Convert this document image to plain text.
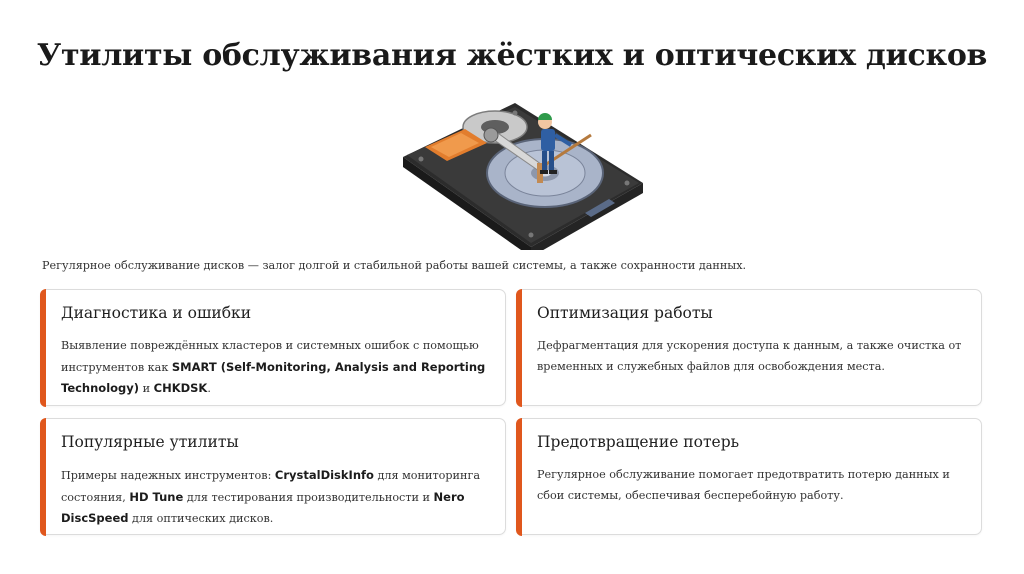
Утилиты обслуживания жёстких и оптических дисков

Регулярное обслуживание дисков — залог долгой и стабильной работы вашей системы, а также сохранности данных.

Диагностика и ошибки

Выявление повреждённых кластеров и системных ошибок с помощью инструментов как SMART (Self-Monitoring, Analysis and Reporting Technology) и CHKDSK.

Оптимизация работы

Дефрагментация для ускорения доступа к данным, а также очистка от временных и служебных файлов для освобождения места.

Популярные утилиты

Примеры надежных инструментов: CrystalDiskInfo для мониторинга состояния, HD Tune для тестирования производительности и Nero DiscSpeed для оптических дисков.

Предотвращение потерь

Регулярное обслуживание помогает предотвратить потерю данных и сбои системы, обеспечивая бесперебойную работу.
